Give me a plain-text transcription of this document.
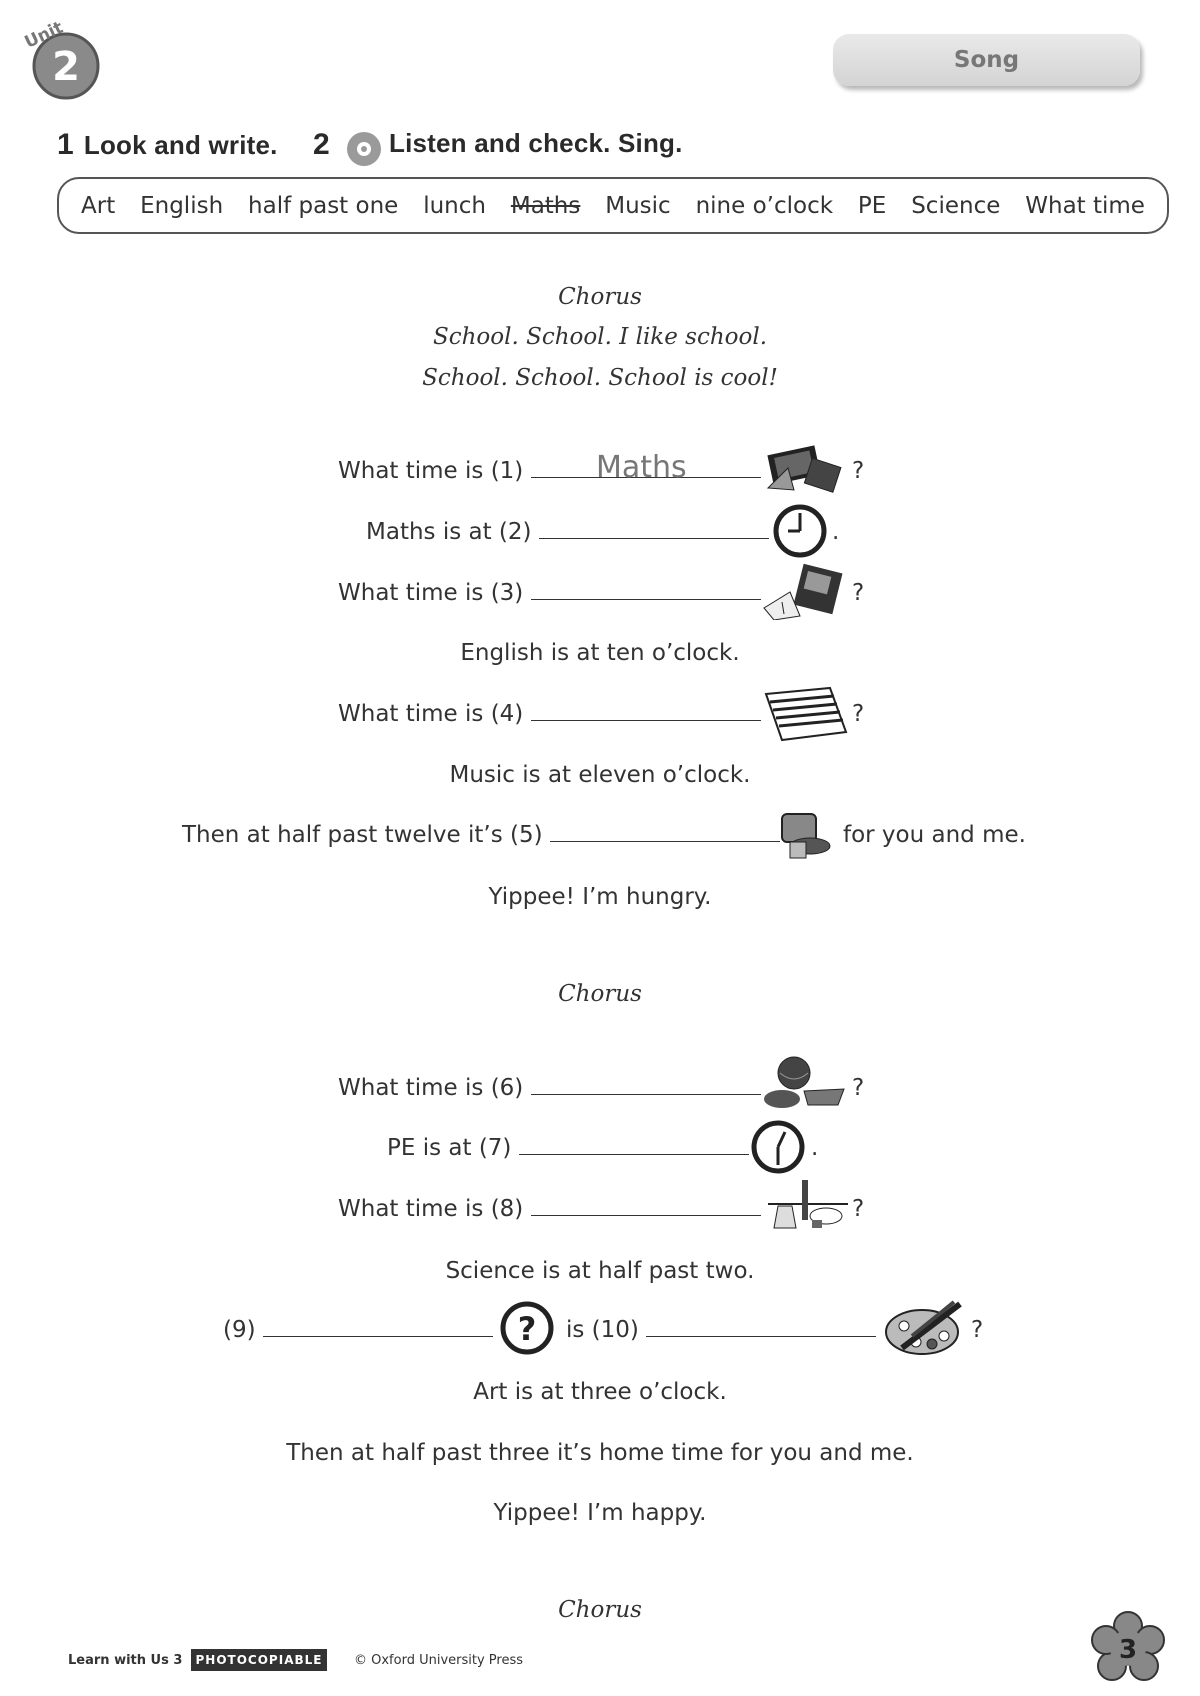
2
Unit
Song
1 Look and write. 2	Listen and check. Sing.
Art English half past one lunch Maths Music nine o’clock PE Science What time
Chorus
School. School. I like school.
School. School. School is cool!
What time is (1)	Maths	?
Maths is at (2)	.
What time is (3)	?
English is at ten o’clock.
What time is (4)	?
Music is at eleven o’clock.
Then at half past twelve it’s (5)	for you and me.
Yippee! I’m hungry.
Chorus
What time is (6)	?
PE is at (7)	.
What time is (8)	?
Science is at half past two.
(9)	? is (10)	?
Art is at three o’clock.
Then at half past three it’s home time for you and me.
Yippee! I’m happy.
Chorus
Learn with Us 3	PHOTOCOPIABLE	© Oxford University Press	3
